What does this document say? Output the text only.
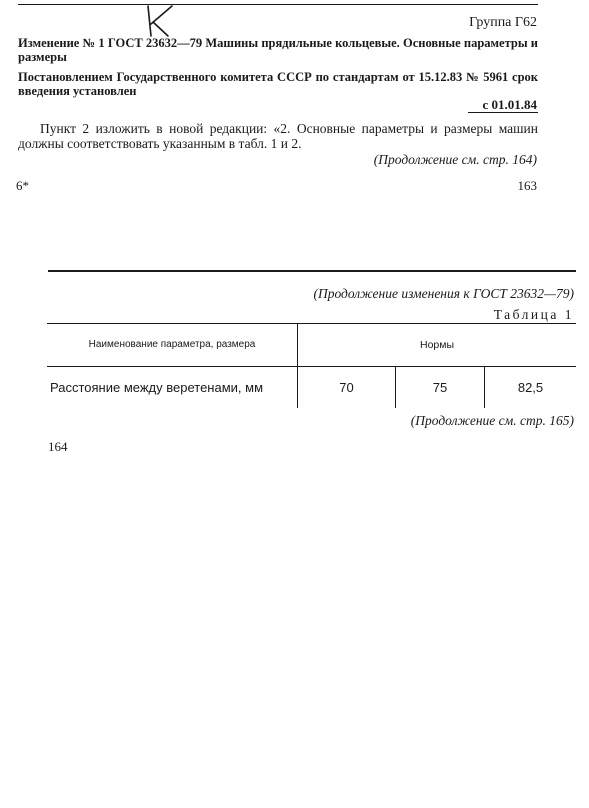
Группа Г62
Изменение № 1 ГОСТ 23632—79 Машины прядильные кольцевые. Основные параметры и размеры
Постановлением Государственного комитета СССР по стандартам от 15.12.83 № 5961 срок введения установлен
с 01.01.84
Пункт 2 изложить в новой редакции: «2. Основные параметры и размеры машин должны соответствовать указанным в табл. 1 и 2.
(Продолжение см. стр. 164)
6*	163
(Продолжение изменения к ГОСТ 23632—79)
Таблица 1
Наименование параметра, размера	Нормы
Расстояние между веретенами, мм	70	75	82,5
(Продолжение см. стр. 165)
164
